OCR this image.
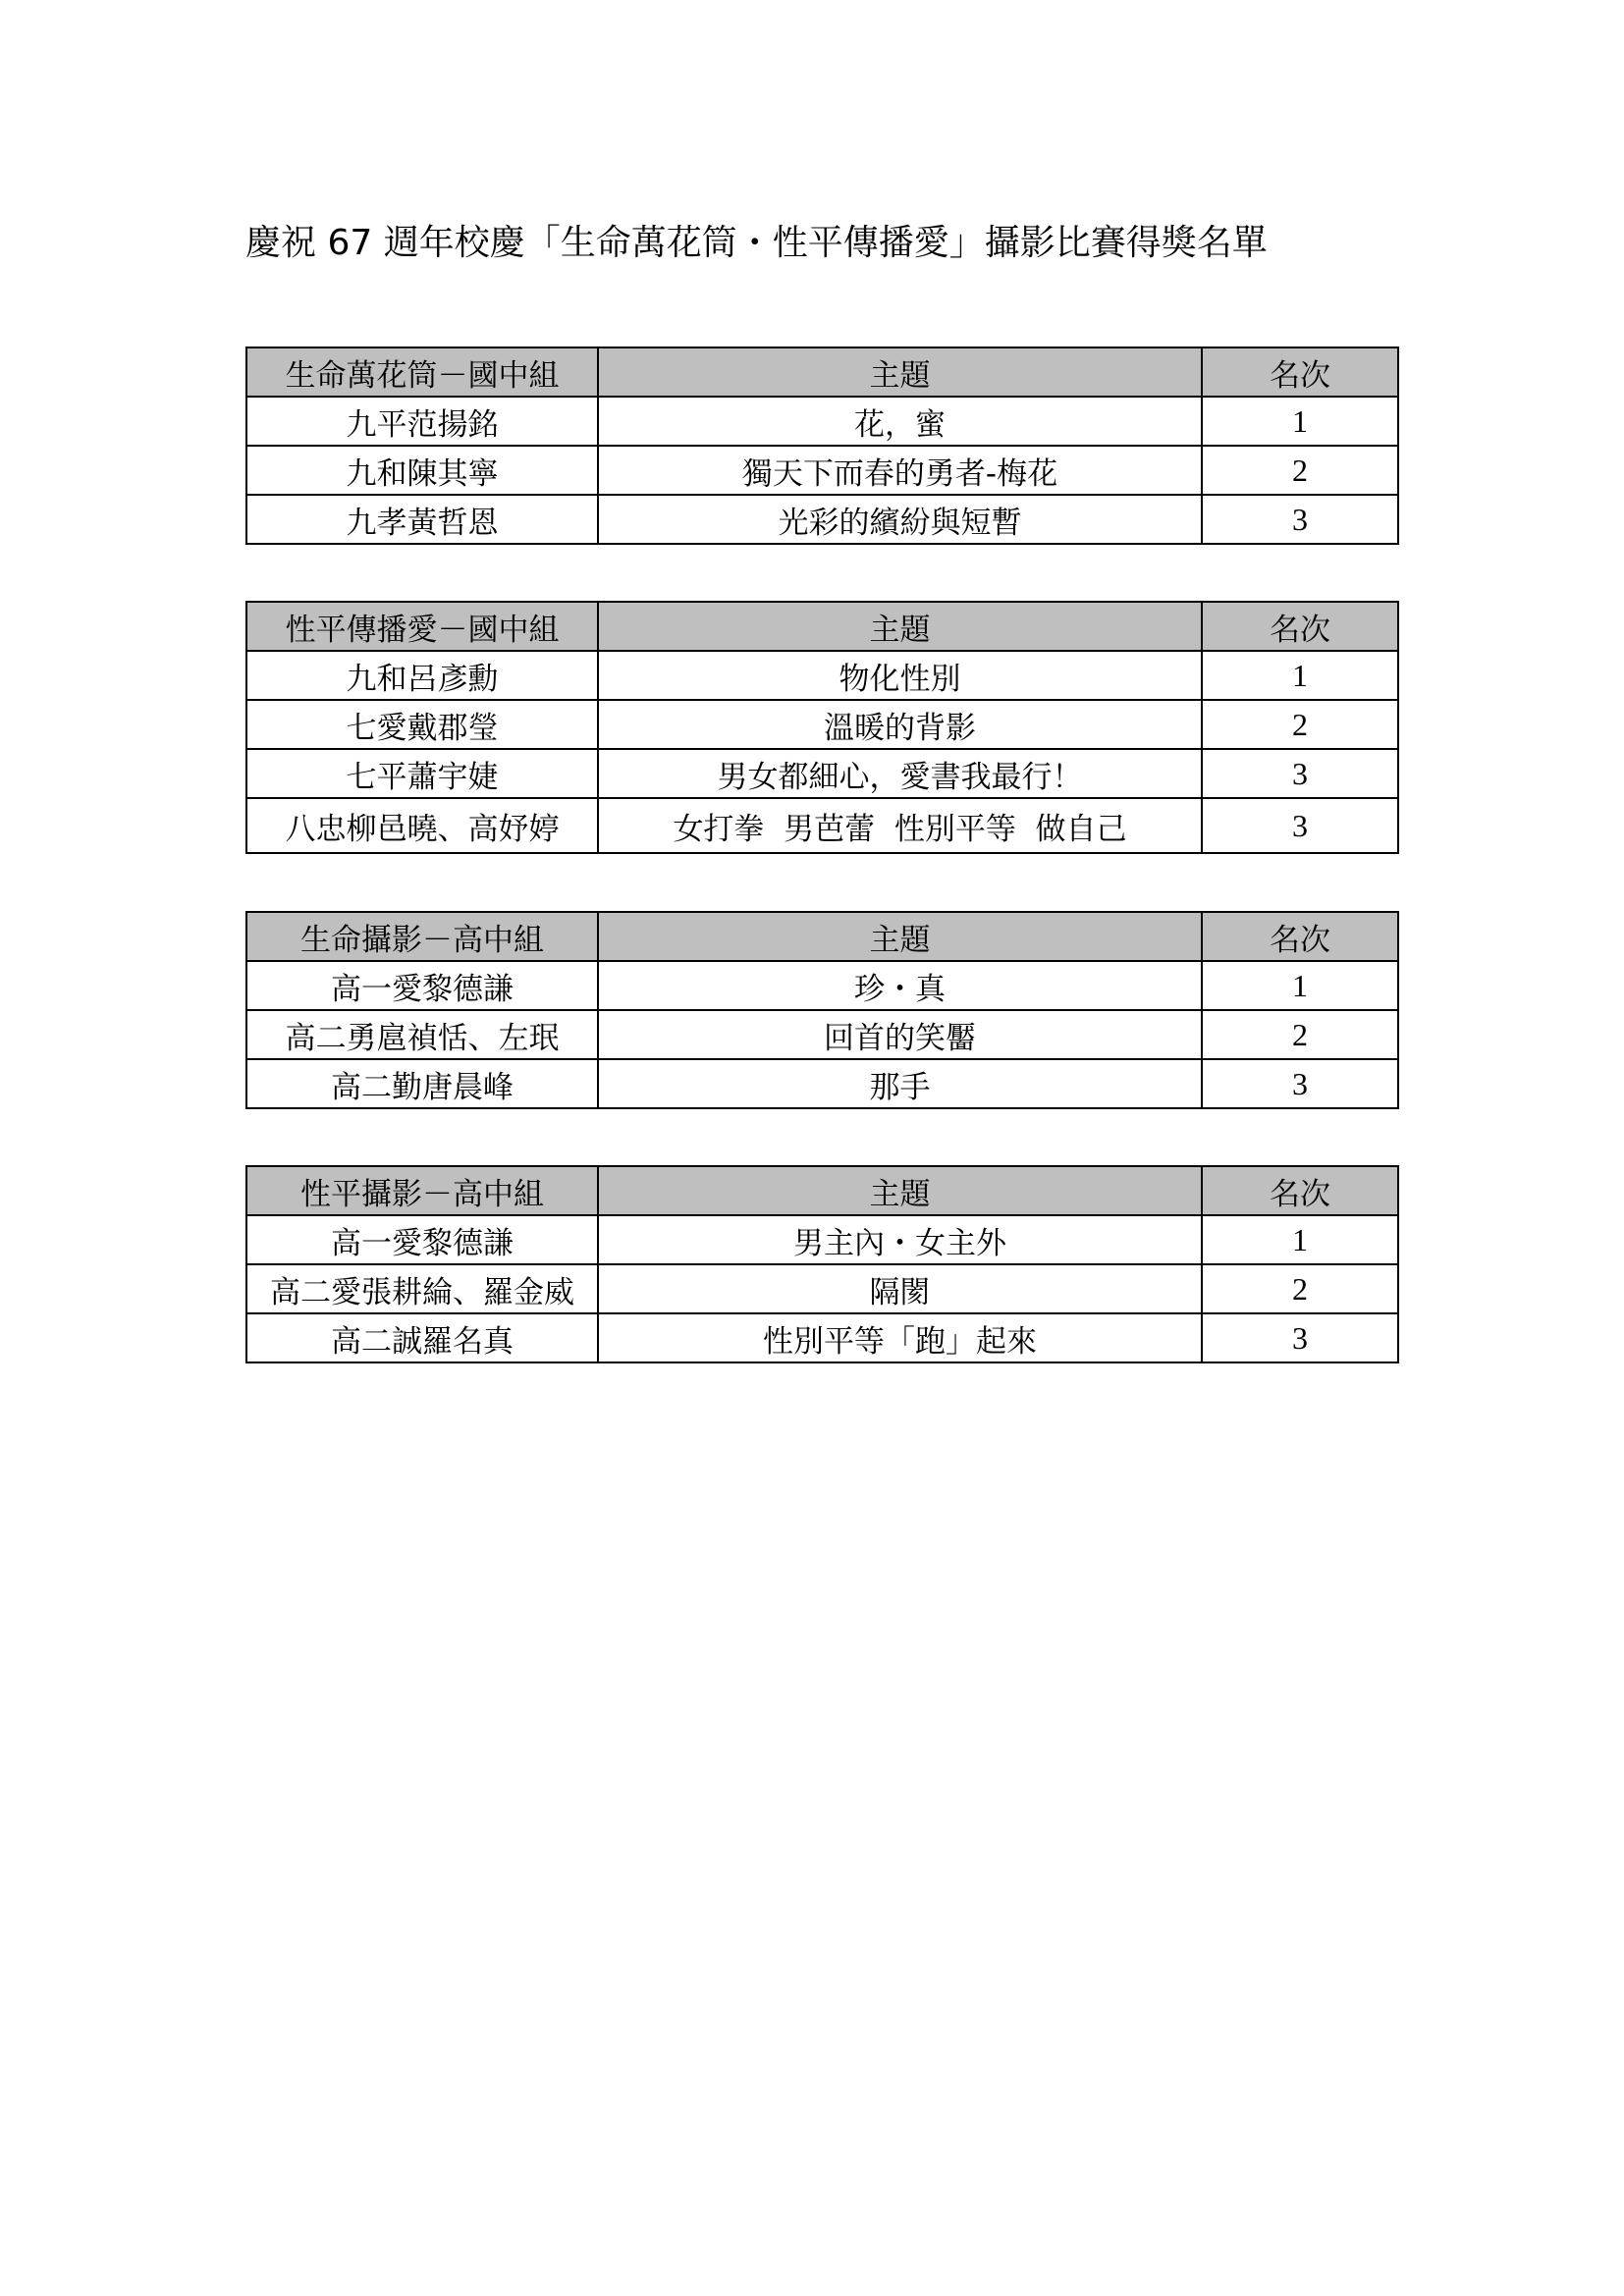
慶祝 67 週年校慶「生命萬花筒・性平傳播愛」攝影比賽得獎名單
生命萬花筒－國中組	主題	名次
九平范揚銘	花，蜜	1
九和陳其寧	獨天下而春的勇者-梅花	2
九孝黃哲恩	光彩的繽紛與短暫	3
性平傳播愛－國中組	主題	名次
九和呂彥勳	物化性別	1
七愛戴郡瑩	溫暖的背影	2
七平蕭宇婕	男女都細心，愛書我最行！	3
八忠柳邑曉、高妤婷	女打拳  男芭蕾  性別平等  做自己	3
生命攝影－高中組	主題	名次
高一愛黎德謙	珍・真	1
高二勇扈禎恬、左珉	回首的笑靨	2
高二勤唐晨峰	那手	3
性平攝影－高中組	主題	名次
高一愛黎德謙	男主內・女主外	1
高二愛張耕綸、羅金威	隔閡	2
高二誠羅名真	性別平等「跑」起來	3
